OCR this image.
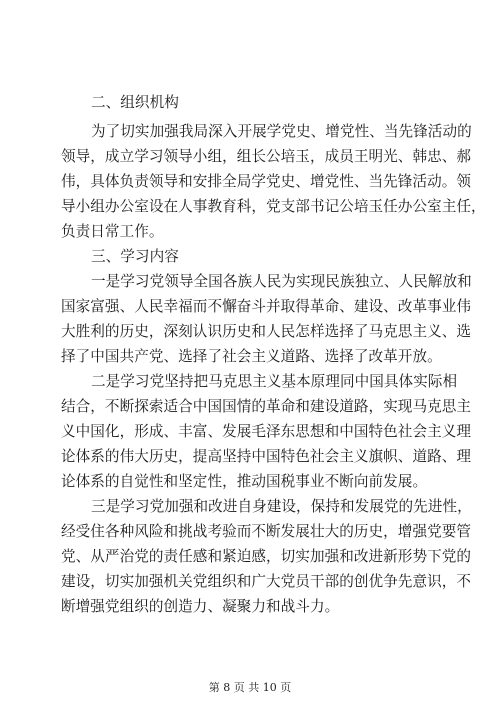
二、组织机构
为了切实加强我局深入开展学党史、增党性、当先锋活动的
领导，成立学习领导小组，组长公培玉，成员王明光、韩忠、郝
伟，具体负责领导和安排全局学党史、增党性、当先锋活动。领
导小组办公室设在人事教育科，党支部书记公培玉任办公室主任，
负责日常工作。
三、学习内容
一是学习党领导全国各族人民为实现民族独立、人民解放和
国家富强、人民幸福而不懈奋斗并取得革命、建设、改革事业伟
大胜利的历史，深刻认识历史和人民怎样选择了马克思主义、选
择了中国共产党、选择了社会主义道路、选择了改革开放。
二是学习党坚持把马克思主义基本原理同中国具体实际相
结合，不断探索适合中国国情的革命和建设道路，实现马克思主
义中国化，形成、丰富、发展毛泽东思想和中国特色社会主义理
论体系的伟大历史，提高坚持中国特色社会主义旗帜、道路、理
论体系的自觉性和坚定性，推动国税事业不断向前发展。
三是学习党加强和改进自身建设，保持和发展党的先进性，
经受住各种风险和挑战考验而不断发展壮大的历史，增强党要管
党、从严治党的责任感和紧迫感，切实加强和改进新形势下党的
建设，切实加强机关党组织和广大党员干部的创优争先意识，不
断增强党组织的创造力、凝聚力和战斗力。
第 8 页 共 10 页
